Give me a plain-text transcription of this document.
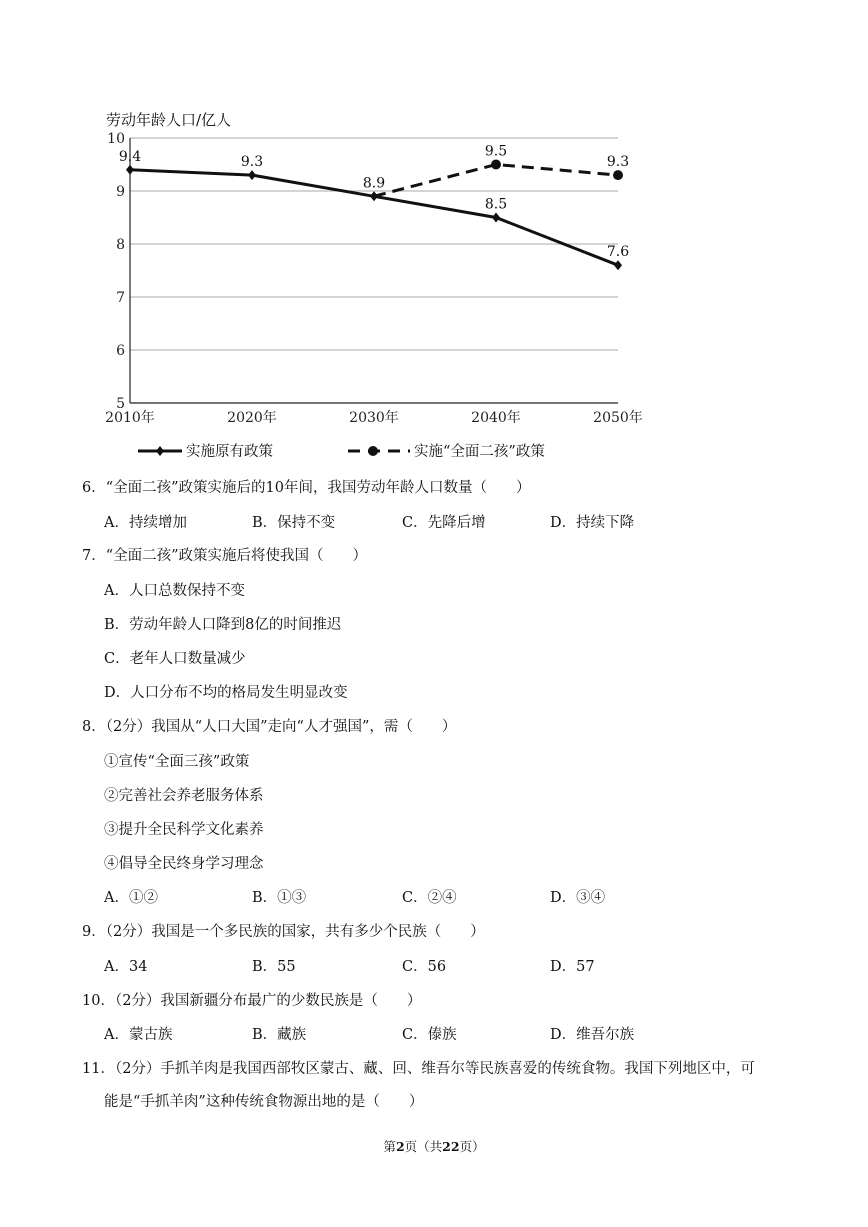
劳动年龄人口/亿人
5
6
7
8
9
10
2010年	2020年	2030年	2040年	2050年
9.4	9.3
8.9
8.5
7.6
9.5
9.3
实施原有政策	实施“全面二孩”政策
6．“全面二孩”政策实施后的10年间，我国劳动年龄人口数量（　　）
A．持续增加	B．保持不变	C．先降后增	D．持续下降
7．“全面二孩”政策实施后将使我国（　　）
A．人口总数保持不变
B．劳动年龄人口降到8亿的时间推迟
C．老年人口数量减少
D．人口分布不均的格局发生明显改变
8．（2分）我国从“人口大国”走向“人才强国”，需（　　）
①宣传“全面三孩”政策
②完善社会养老服务体系
③提升全民科学文化素养
④倡导全民终身学习理念
A．①②	B．①③	C．②④	D．③④
9．（2分）我国是一个多民族的国家，共有多少个民族（　　）
A．34	B．55	C．56	D．57
10．（2分）我国新疆分布最广的少数民族是（　　）
A．蒙古族	B．藏族	C．傣族	D．维吾尔族
11．（2分）手抓羊肉是我国西部牧区蒙古、藏、回、维吾尔等民族喜爱的传统食物。我国下列地区中，可
能是“手抓羊肉”这种传统食物源出地的是（　　）
第2页（共22页）
